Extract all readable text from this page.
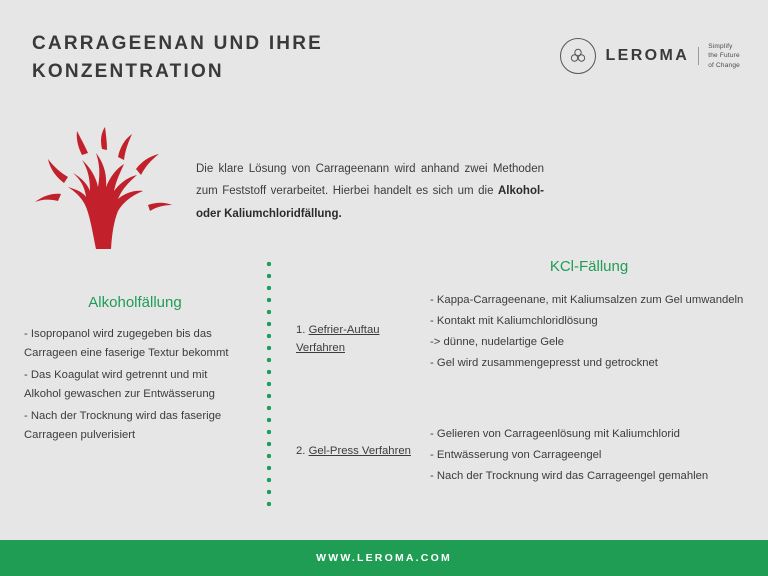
CARRAGEENAN UND IHRE KONZENTRATION
LEROMA
Simplify
the Future
of Change
Die klare Lösung von Carrageenann wird anhand zwei Methoden zum Feststoff verarbeitet. Hierbei handelt es sich um die Alkohol- oder Kaliumchloridfällung.
Alkoholfällung

- Isopropanol wird zugegeben bis das Carrageen eine faserige Textur bekommt

- Das Koagulat wird getrennt und mit Alkohol gewaschen zur Entwässerung

- Nach der Trocknung wird das faserige Carrageen pulverisiert

1. Gefrier-Auftau Verfahren
2. Gel-Press Verfahren
KCl-Fällung

- Kappa-Carrageenane, mit Kaliumsalzen zum Gel umwandeln

- Kontakt mit Kaliumchloridlösung

-> dünne, nudelartige Gele

- Gel wird zusammengepresst und getrocknet

- Gelieren von Carrageenlösung mit Kaliumchlorid

- Entwässerung von Carrageengel

- Nach der Trocknung wird das Carrageengel gemahlen

WWW.LEROMA.COM
